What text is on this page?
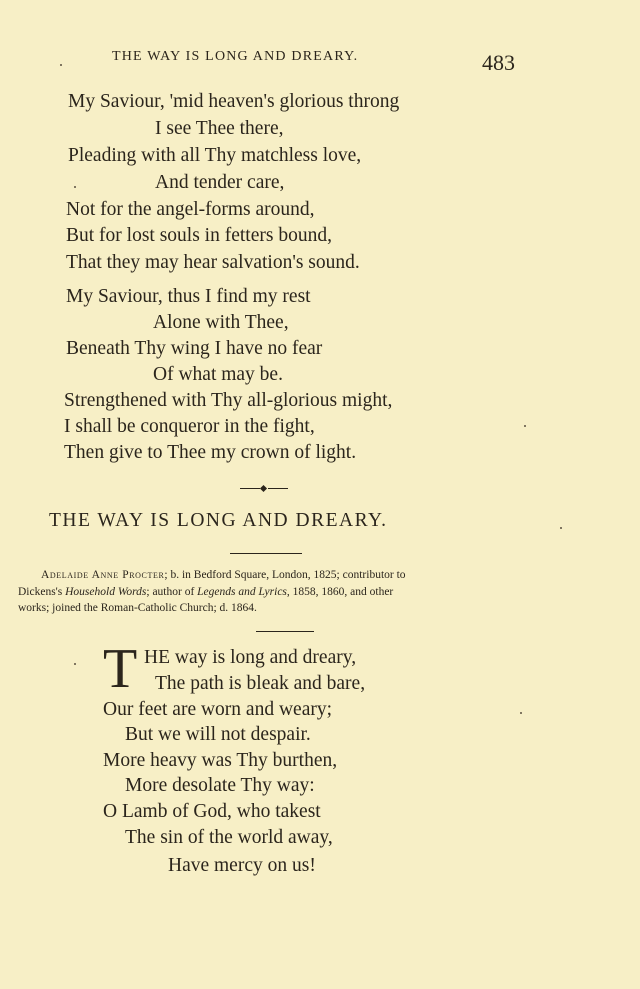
THE WAY IS LONG AND DREARY.	483
My Saviour, 'mid heaven's glorious throng
I see Thee there,
Pleading with all Thy matchless love,
And tender care,
Not for the angel-forms around,
But for lost souls in fetters bound,
That they may hear salvation's sound.
My Saviour, thus I find my rest
Alone with Thee,
Beneath Thy wing I have no fear
Of what may be.
Strengthened with Thy all-glorious might,
I shall be conqueror in the fight,
Then give to Thee my crown of light.
THE WAY IS LONG AND DREARY.
Adelaide Anne Procter; b. in Bedford Square, London, 1825; contributor to
Dickens's Household Words; author of Legends and Lyrics, 1858, 1860, and other
works; joined the Roman-Catholic Church; d. 1864.
T HE way is long and dreary,
The path is bleak and bare,
Our feet are worn and weary;
But we will not despair.
More heavy was Thy burthen,
More desolate Thy way:
O Lamb of God, who takest
The sin of the world away,
Have mercy on us!
